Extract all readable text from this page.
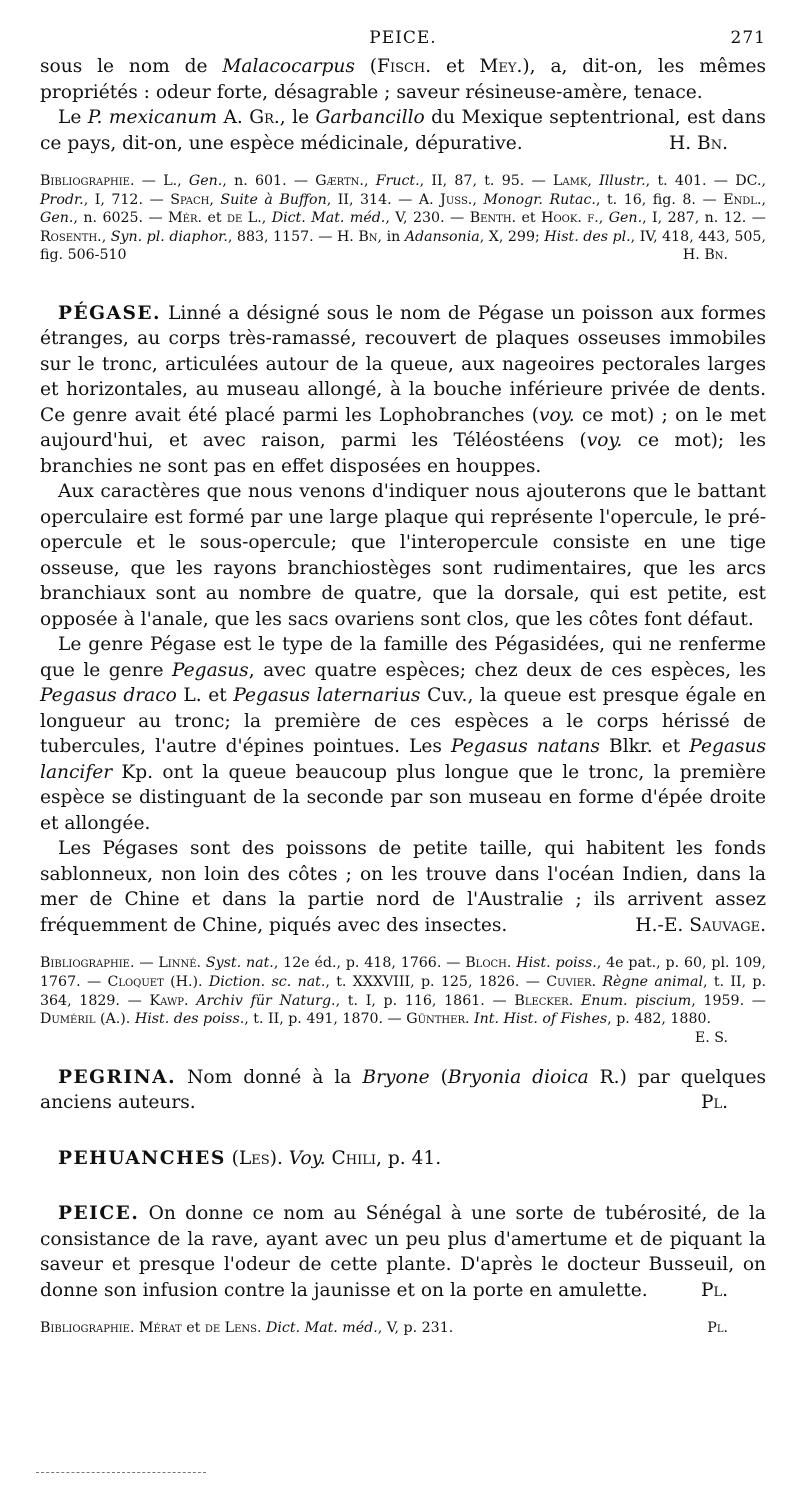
PEICE.	271

sous le nom de Malacocarpus (Fisch. et Mey.), a, dit-on, les mêmes propriétés : odeur forte, désagrable ; saveur résineuse-amère, tenace.

Le P. mexicanum A. Gr., le Garbancillo du Mexique septentrional, est dans ce pays, dit-on, une espèce médicinale, dépurative.	H. Bn.

Bibliographie. — L., Gen., n. 601. — Gærtn., Fruct., II, 87, t. 95. — Lamk, Illustr., t. 401. — DC., Prodr., I, 712. — Spach, Suite à Buffon, II, 314. — A. Juss., Monogr. Rutac., t. 16, fig. 8. — Endl., Gen., n. 6025. — Mér. et de L., Dict. Mat. méd., V, 230. — Benth. et Hook. f., Gen., I, 287, n. 12. — Rosenth., Syn. pl. diaphor., 883, 1157. — H. Bn, in Adansonia, X, 299; Hist. des pl., IV, 418, 443, 505, fig. 506-510	H. Bn.

PÉGASE. Linné a désigné sous le nom de Pégase un poisson aux formes étranges, au corps très-ramassé, recouvert de plaques osseuses immobiles sur le tronc, articulées autour de la queue, aux nageoires pectorales larges et horizontales, au museau allongé, à la bouche inférieure privée de dents. Ce genre avait été placé parmi les Lophobranches (voy. ce mot) ; on le met aujourd'hui, et avec raison, parmi les Téléostéens (voy. ce mot); les branchies ne sont pas en effet disposées en houppes.

Aux caractères que nous venons d'indiquer nous ajouterons que le battant operculaire est formé par une large plaque qui représente l'opercule, le pré-opercule et le sous-opercule; que l'interopercule consiste en une tige osseuse, que les rayons branchiostèges sont rudimentaires, que les arcs branchiaux sont au nombre de quatre, que la dorsale, qui est petite, est opposée à l'anale, que les sacs ovariens sont clos, que les côtes font défaut.

Le genre Pégase est le type de la famille des Pégasidées, qui ne renferme que le genre Pegasus, avec quatre espèces; chez deux de ces espèces, les Pegasus draco L. et Pegasus laternarius Cuv., la queue est presque égale en longueur au tronc; la première de ces espèces a le corps hérissé de tubercules, l'autre d'épines pointues. Les Pegasus natans Blkr. et Pegasus lancifer Kp. ont la queue beaucoup plus longue que le tronc, la première espèce se distinguant de la seconde par son museau en forme d'épée droite et allongée.

Les Pégases sont des poissons de petite taille, qui habitent les fonds sablonneux, non loin des côtes ; on les trouve dans l'océan Indien, dans la mer de Chine et dans la partie nord de l'Australie ; ils arrivent assez fréquemment de Chine, piqués avec des insectes.	H.-E. Sauvage.

Bibliographie. — Linné. Syst. nat., 12e éd., p. 418, 1766. — Bloch. Hist. poiss., 4e pat., p. 60, pl. 109, 1767. — Cloquet (H.). Diction. sc. nat., t. XXXVIII, p. 125, 1826. — Cuvier. Règne animal, t. II, p. 364, 1829. — Kawp. Archiv für Naturg., t. I, p. 116, 1861. — Blecker. Enum. piscium, 1959. — Duméril (A.). Hist. des poiss., t. II, p. 491, 1870. — Günther. Int. Hist. of Fishes, p. 482, 1880.
E. S.

PEGRINA. Nom donné à la Bryone (Bryonia dioica R.) par quelques anciens auteurs.	Pl.

PEHUANCHES (Les). Voy. Chili, p. 41.

PEICE. On donne ce nom au Sénégal à une sorte de tubérosité, de la consistance de la rave, ayant avec un peu plus d'amertume et de piquant la saveur et presque l'odeur de cette plante. D'après le docteur Busseuil, on donne son infusion contre la jaunisse et on la porte en amulette.	Pl.

Bibliographie. Mérat et de Lens. Dict. Mat. méd., V, p. 231.	Pl.
